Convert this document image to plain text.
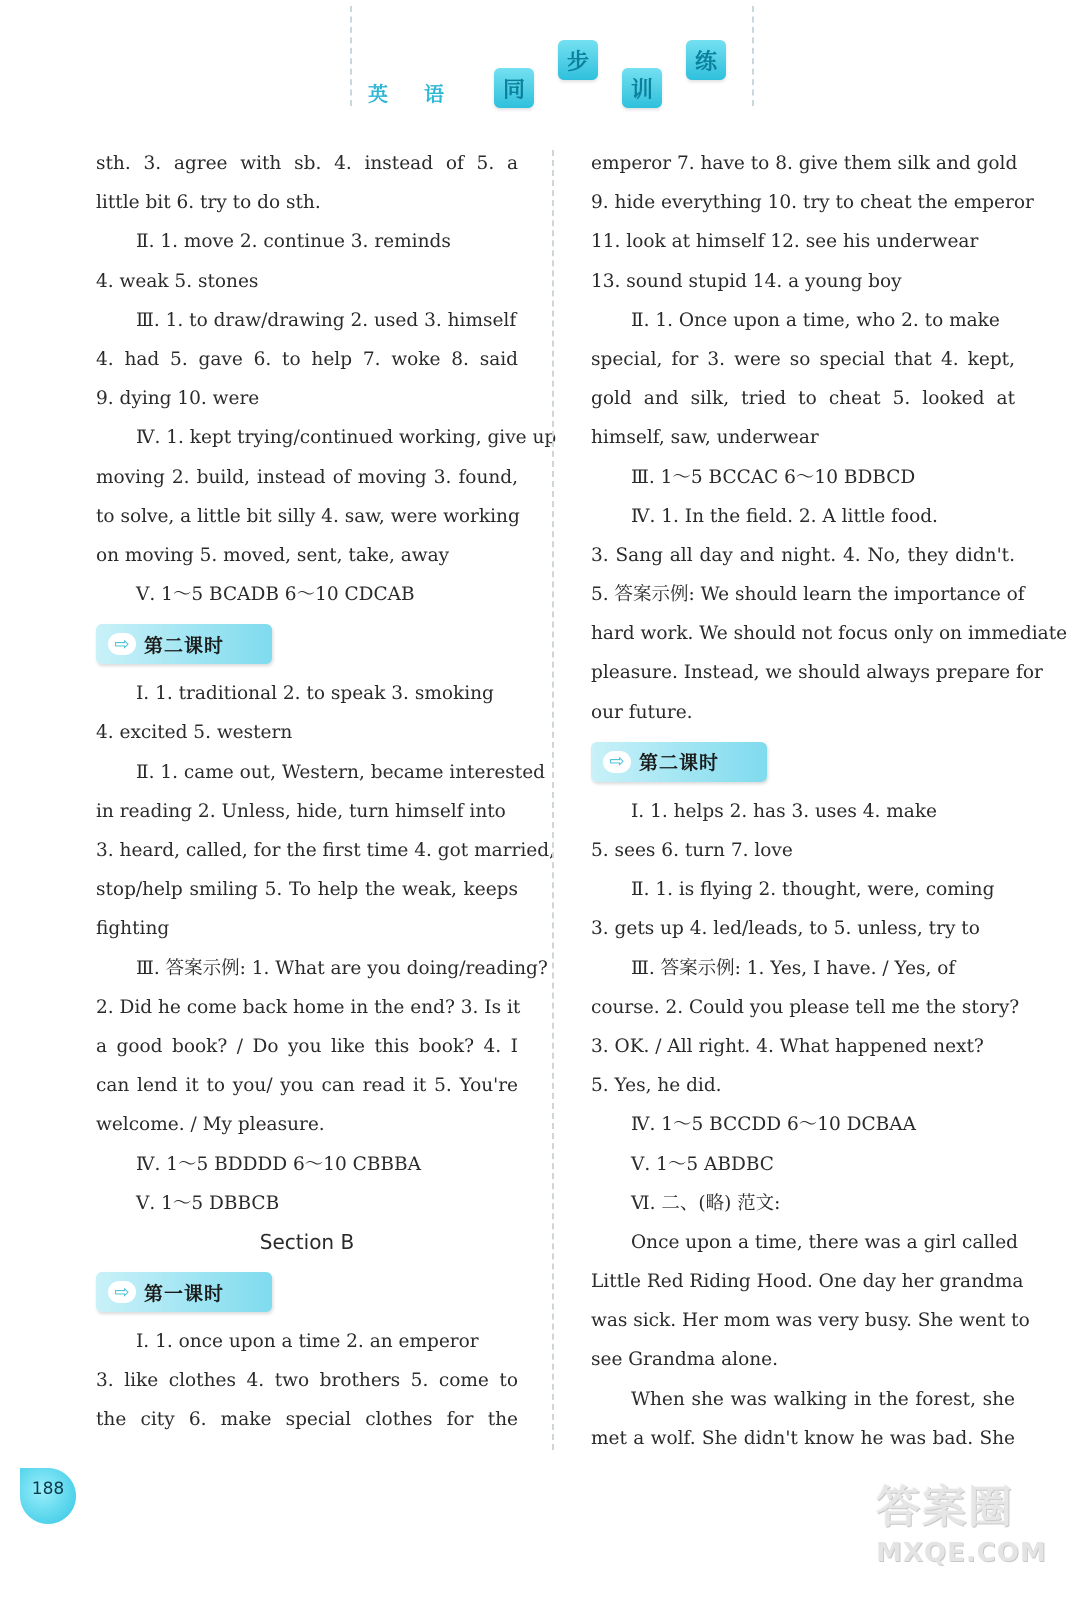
英 语	同
步
训
练
sth. 3. agree with sb. 4. instead of 5. a
little bit 6. try to do sth.
Ⅱ. 1. move 2. continue 3. reminds
4. weak 5. stones
Ⅲ. 1. to draw/drawing 2. used 3. himself
4. had 5. gave 6. to help 7. woke 8. said
9. dying 10. were
Ⅳ. 1. kept trying/continued working, give up
moving 2. build, instead of moving 3. found,
to solve, a little bit silly 4. saw, were working
on moving 5. moved, sent, take, away
Ⅴ. 1～5 BCADB 6～10 CDCAB
⇨ 第二课时
Ⅰ. 1. traditional 2. to speak 3. smoking
4. excited 5. western
Ⅱ. 1. came out, Western, became interested
in reading 2. Unless, hide, turn himself into
3. heard, called, for the first time 4. got married,
stop/help smiling 5. To help the weak, keeps
fighting
Ⅲ. 答案示例: 1. What are you doing/reading?
2. Did he come back home in the end? 3. Is it
a good book? / Do you like this book? 4. I
can lend it to you/ you can read it 5. You're
welcome. / My pleasure.
Ⅳ. 1～5 BDDDD 6～10 CBBBA
Ⅴ. 1～5 DBBCB
Section B
⇨ 第一课时
Ⅰ. 1. once upon a time 2. an emperor
3. like clothes 4. two brothers 5. come to
the city 6. make special clothes for the
emperor 7. have to 8. give them silk and gold
9. hide everything 10. try to cheat the emperor
11. look at himself 12. see his underwear
13. sound stupid 14. a young boy
Ⅱ. 1. Once upon a time, who 2. to make
special, for 3. were so special that 4. kept,
gold and silk, tried to cheat 5. looked at
himself, saw, underwear
Ⅲ. 1～5 BCCAC 6～10 BDBCD
Ⅳ. 1. In the field. 2. A little food.
3. Sang all day and night. 4. No, they didn't.
5. 答案示例: We should learn the importance of
hard work. We should not focus only on immediate
pleasure. Instead, we should always prepare for
our future.
⇨ 第二课时
Ⅰ. 1. helps 2. has 3. uses 4. make
5. sees 6. turn 7. love
Ⅱ. 1. is flying 2. thought, were, coming
3. gets up 4. led/leads, to 5. unless, try to
Ⅲ. 答案示例: 1. Yes, I have. / Yes, of
course. 2. Could you please tell me the story?
3. OK. / All right. 4. What happened next?
5. Yes, he did.
Ⅳ. 1～5 BCCDD 6～10 DCBAA
Ⅴ. 1～5 ABDBC
Ⅵ. 二、(略) 范文:
Once upon a time, there was a girl called
Little Red Riding Hood. One day her grandma
was sick. Her mom was very busy. She went to
see Grandma alone.
When she was walking in the forest, she
met a wolf. She didn't know he was bad. She
188	答案圈
MXQE.COM
